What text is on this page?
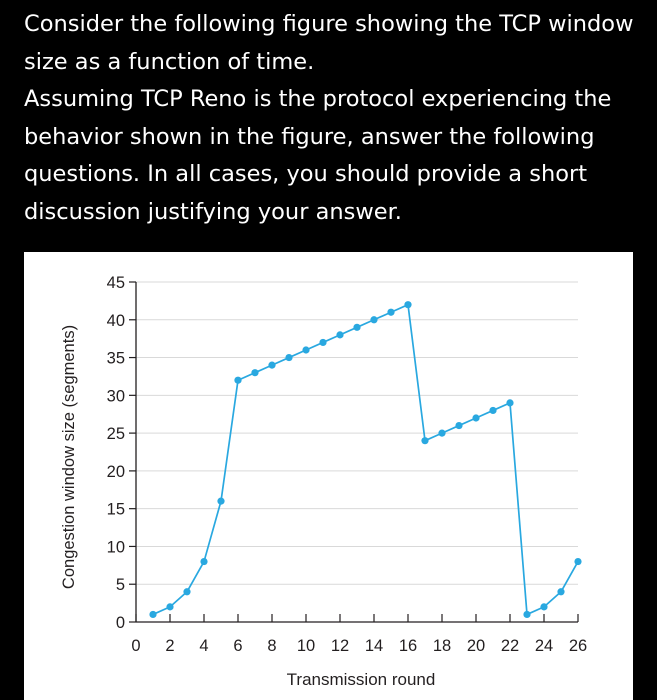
Consider the following figure showing the TCP window size as a function of time.

Assuming TCP Reno is the protocol experiencing the behavior shown in the figure, answer the following questions. In all cases, you should provide a short discussion justifying your answer.

0
5
10
15
20
25
30
35
40
45
0 2 4 6 8 10 12 14 16 18 20 22 24 26
Transmission round
Congestion window size (segments)
